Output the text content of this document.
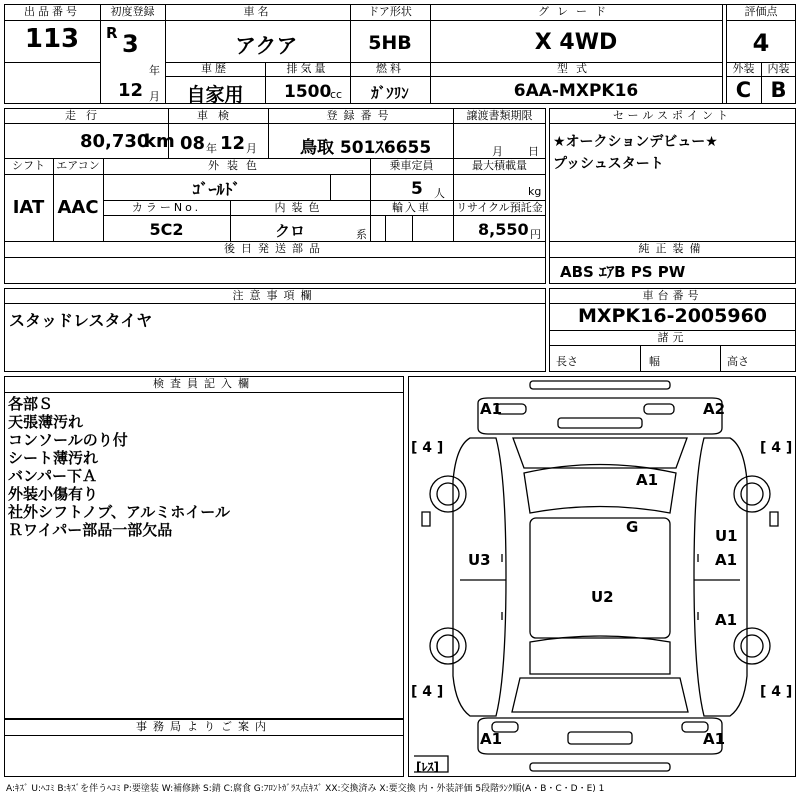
出品番号
113
初度登録
R 3
年
12 月
車名
アクア
ドア形状
5HB
グレード
X 4WD
評価点
4
車歴
自家用
排気量
1500
cc
燃料
ｶﾞｿﾘﾝ
型式
6AA-MXPK16
外装
C
内装
B
走行
80,730
km
車検
08 年 12 月
登録番号
鳥取 501ｽ6655
譲渡書類期限
月 日
セールスポイント
★オークションデビュー★
プッシュスタート
シフト
IAT
エアコン
AAC
外装色
ｺﾞｰﾙﾄﾞ
乗車定員
5 人
最大積載量
kg
カラーNo.
5C2
内装色
クロ	系
輸入車	リサイクル預託金
8,550 円
後日発送部品	純正装備
ABS ｴｱB PS PW
注意事項欄
スタッドレスタイヤ
車台番号
MXPK16-2005960
諸元
長さ	幅	高さ
検査員記入欄
各部Ｓ
天張薄汚れ
コンソールのり付
シート薄汚れ
バンパー下Ａ
外装小傷有り
社外シフトノブ、アルミホイール
Ｒワイパー部品一部欠品
事務局よりご案内
A1	A2
A1
G
U3
U1
A1
U2
A1
A1	A1
[ 4 ]	[ 4 ]
[ 4 ]	[ 4 ]
[ﾚｽ]
A:ｷｽﾞ U:ﾍｺﾐ B:ｷｽﾞを伴うﾍｺﾐ P:要塗装 W:補修跡 S:錆 C:腐食 G:ﾌﾛﾝﾄｶﾞﾗｽ点ｷｽﾞ XX:交換済み X:要交換 内・外装評価 5段階ﾗﾝｸ順(A・B・C・D・E) 1
